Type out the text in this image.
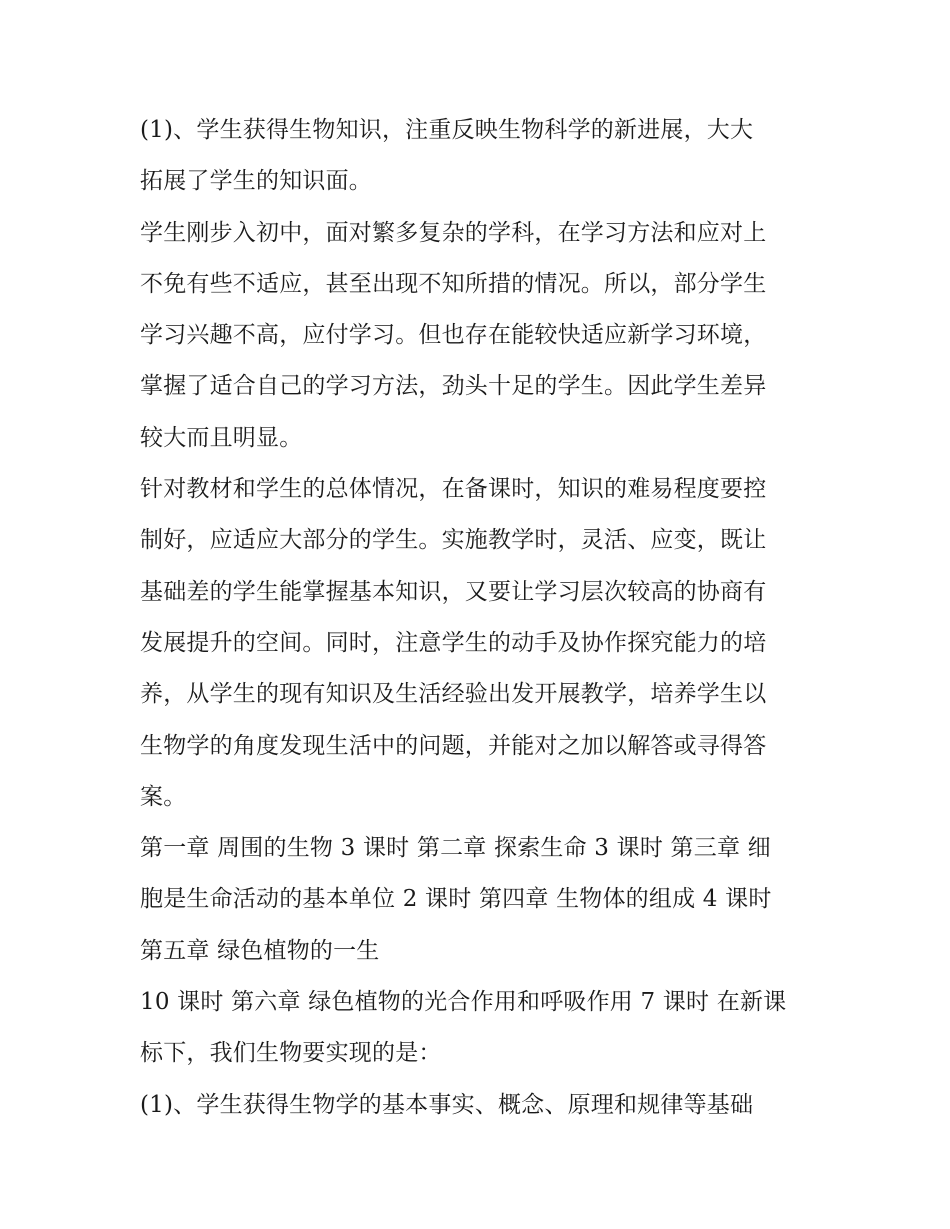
(1)、学生获得生物知识，注重反映生物科学的新进展，大大
拓展了学生的知识面。
学生刚步入初中，面对繁多复杂的学科，在学习方法和应对上
不免有些不适应，甚至出现不知所措的情况。所以，部分学生
学习兴趣不高，应付学习。但也存在能较快适应新学习环境，
掌握了适合自己的学习方法，劲头十足的学生。因此学生差异
较大而且明显。
针对教材和学生的总体情况，在备课时，知识的难易程度要控
制好，应适应大部分的学生。实施教学时，灵活、应变，既让
基础差的学生能掌握基本知识，又要让学习层次较高的协商有
发展提升的空间。同时，注意学生的动手及协作探究能力的培
养，从学生的现有知识及生活经验出发开展教学，培养学生以
生物学的角度发现生活中的问题，并能对之加以解答或寻得答
案。
第一章 周围的生物 3 课时 第二章 探索生命 3 课时 第三章 细
胞是生命活动的基本单位 2 课时 第四章 生物体的组成 4 课时
第五章 绿色植物的一生
10 课时 第六章 绿色植物的光合作用和呼吸作用 7 课时 在新课
标下，我们生物要实现的是：
(1)、学生获得生物学的基本事实、概念、原理和规律等基础
